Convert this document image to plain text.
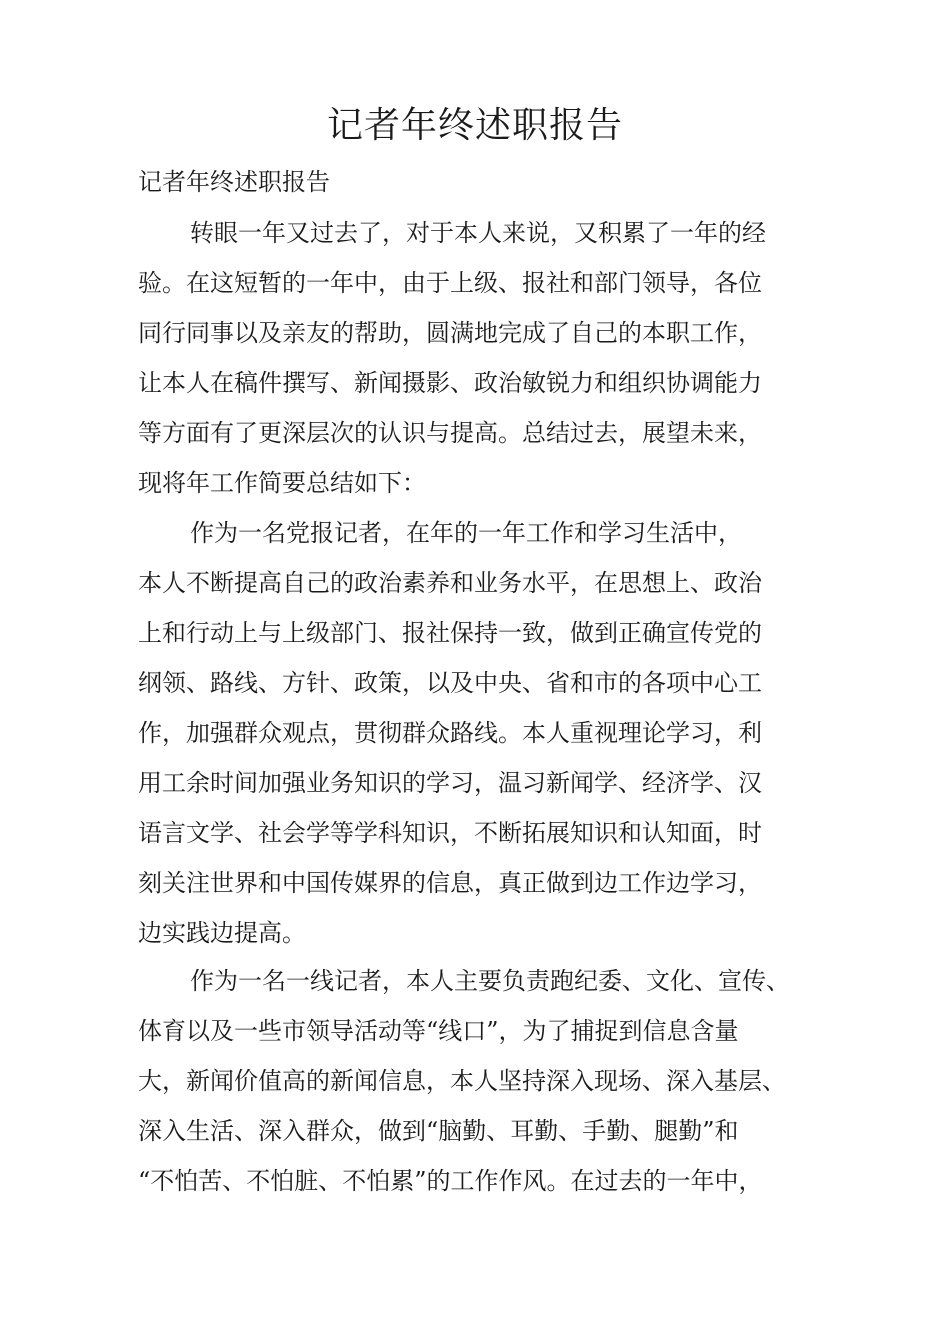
记者年终述职报告
记者年终述职报告
转眼一年又过去了，对于本人来说，又积累了一年的经
验。在这短暂的一年中，由于上级、报社和部门领导，各位
同行同事以及亲友的帮助，圆满地完成了自己的本职工作，
让本人在稿件撰写、新闻摄影、政治敏锐力和组织协调能力
等方面有了更深层次的认识与提高。总结过去，展望未来，
现将年工作简要总结如下：
作为一名党报记者，在年的一年工作和学习生活中，
本人不断提高自己的政治素养和业务水平，在思想上、政治
上和行动上与上级部门、报社保持一致，做到正确宣传党的
纲领、路线、方针、政策，以及中央、省和市的各项中心工
作，加强群众观点，贯彻群众路线。本人重视理论学习，利
用工余时间加强业务知识的学习，温习新闻学、经济学、汉
语言文学、社会学等学科知识，不断拓展知识和认知面，时
刻关注世界和中国传媒界的信息，真正做到边工作边学习，
边实践边提高。
作为一名一线记者，本人主要负责跑纪委、文化、宣传、
体育以及一些市领导活动等“线口”，为了捕捉到信息含量
大，新闻价值高的新闻信息，本人坚持深入现场、深入基层、
深入生活、深入群众，做到“脑勤、耳勤、手勤、腿勤”和
“不怕苦、不怕脏、不怕累”的工作作风。在过去的一年中，
